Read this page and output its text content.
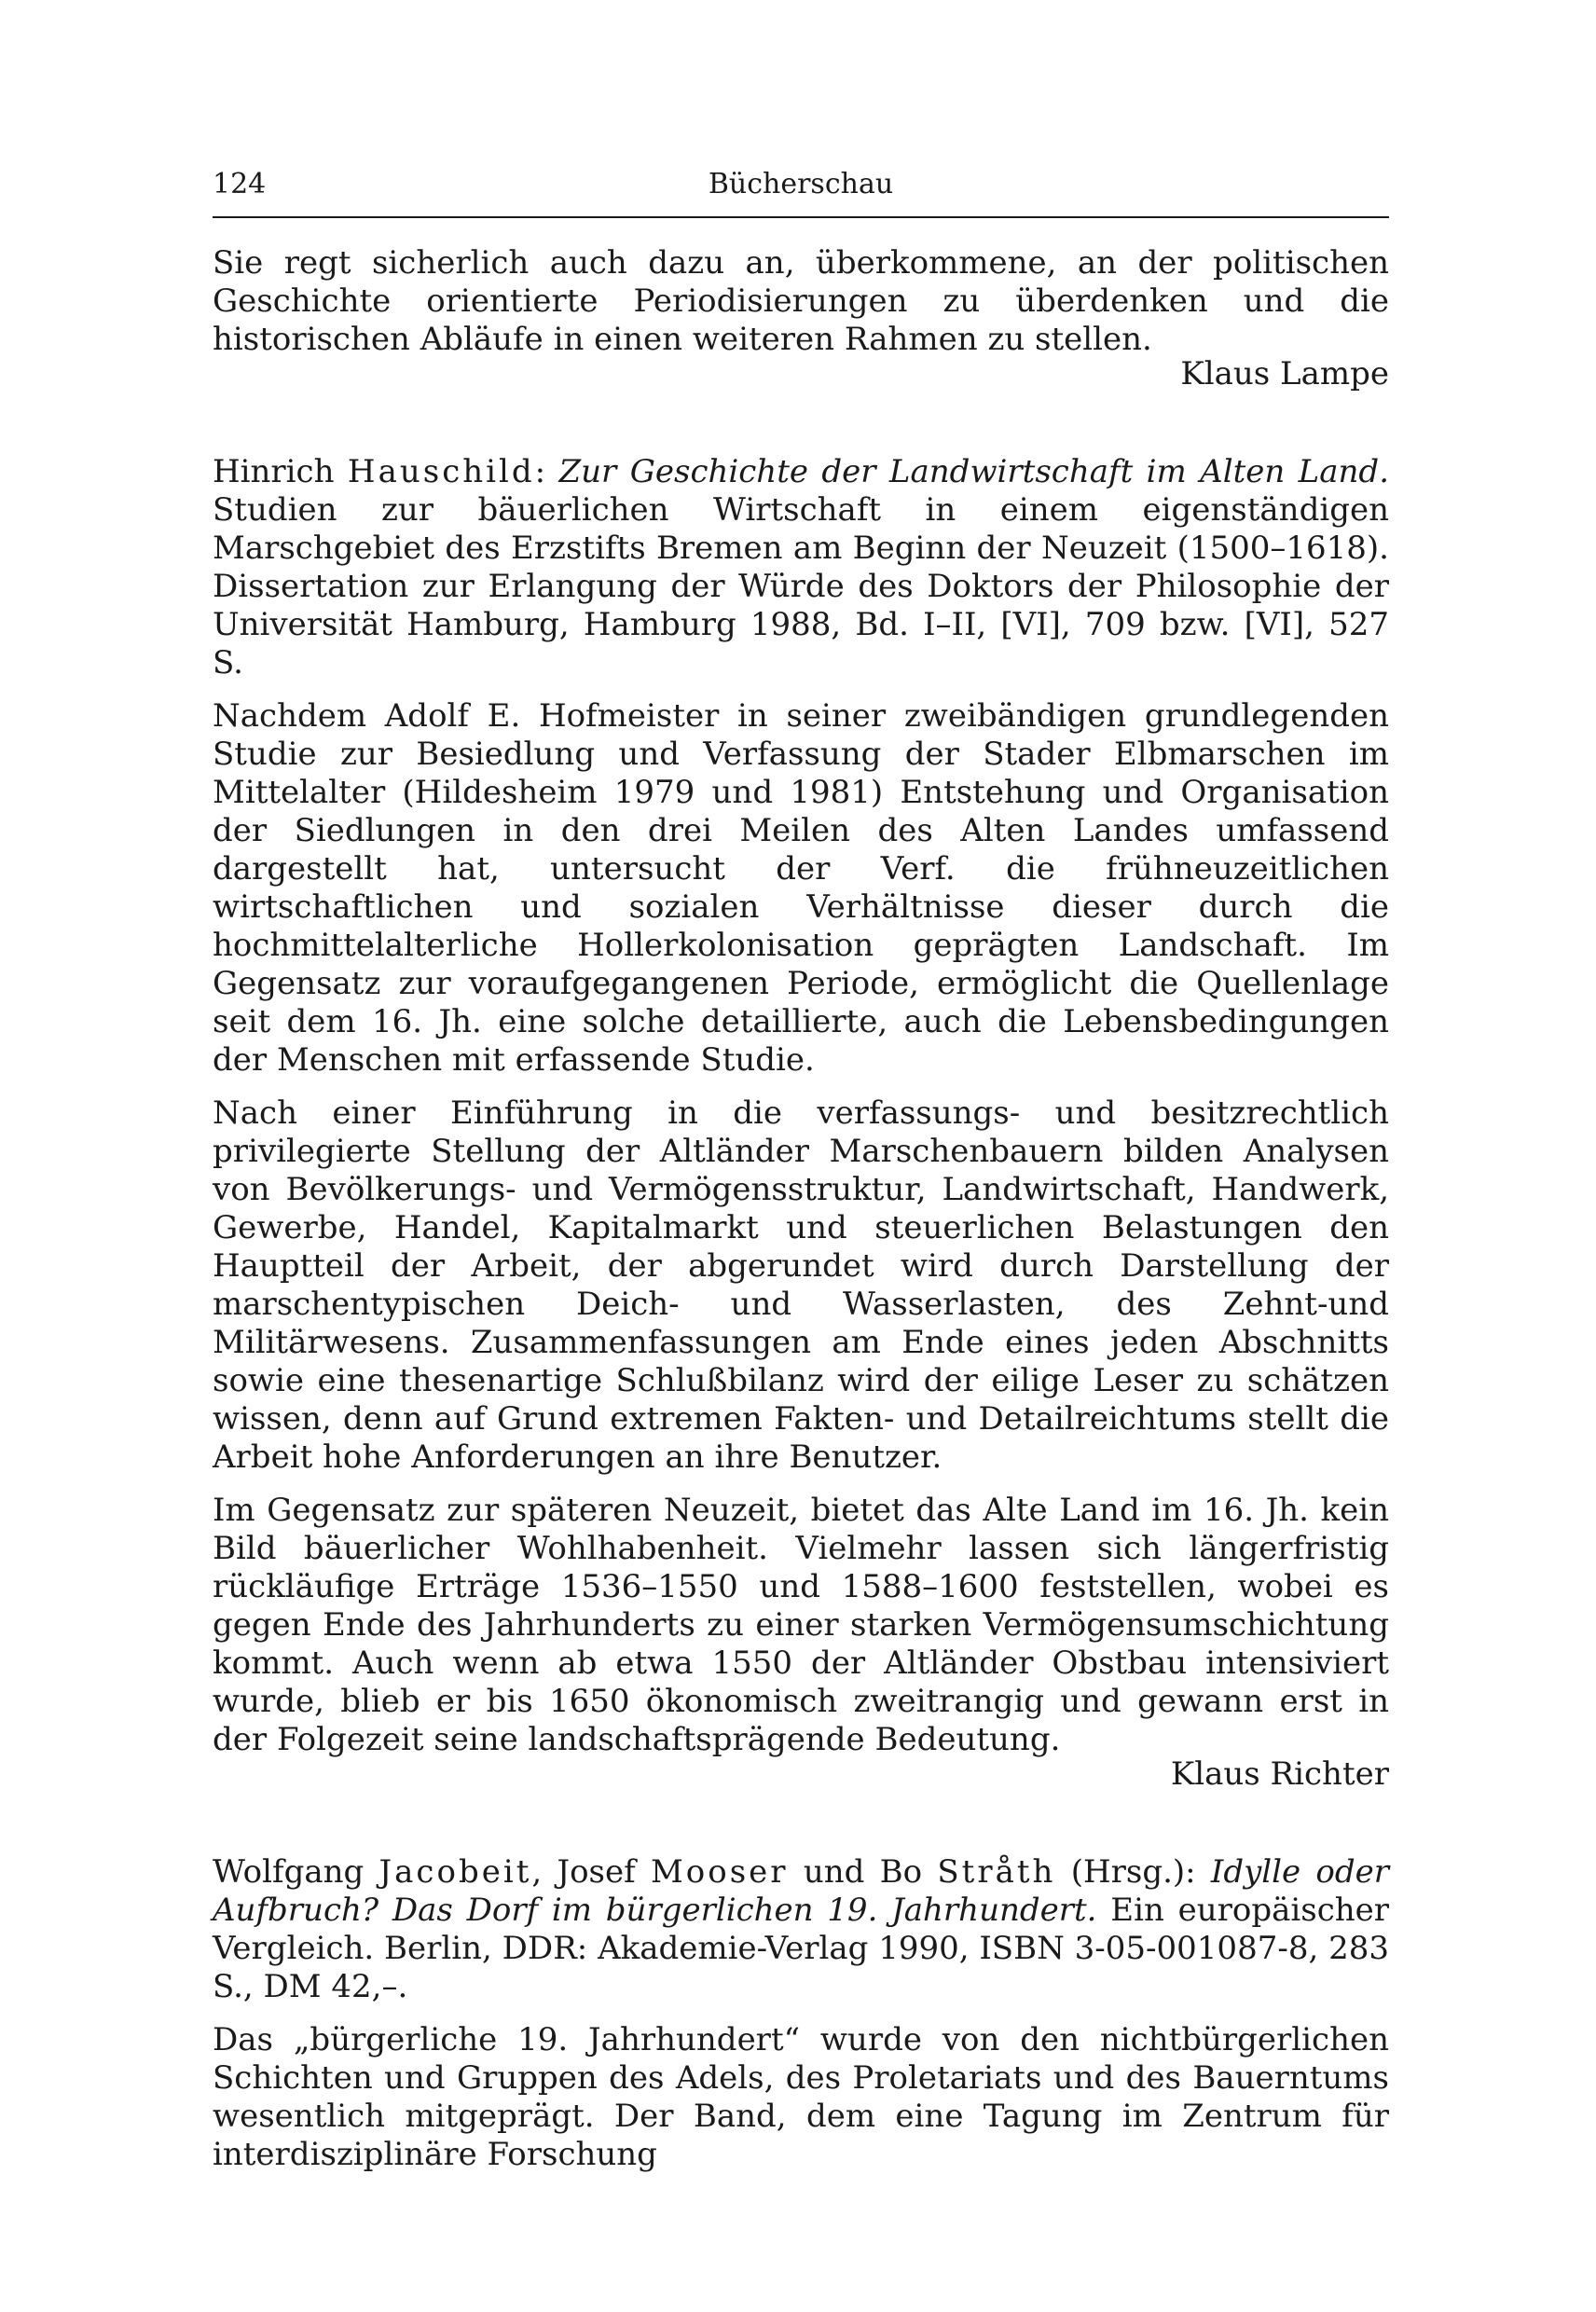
124	Bücherschau

Sie regt sicherlich auch dazu an, überkommene, an der politischen Geschichte orientierte Periodisierungen zu überdenken und die historischen Abläufe in einen weiteren Rahmen zu stellen.

Klaus Lampe

Hinrich Hauschild: Zur Geschichte der Landwirtschaft im Alten Land. Studien zur bäuerlichen Wirtschaft in einem eigenständigen Marschgebiet des Erzstifts Bremen am Beginn der Neuzeit (1500–1618). Dissertation zur Erlangung der Würde des Doktors der Philosophie der Universität Hamburg, Hamburg 1988, Bd. I–II, [VI], 709 bzw. [VI], 527 S.

Nachdem Adolf E. Hofmeister in seiner zweibändigen grundlegenden Studie zur Besiedlung und Verfassung der Stader Elbmarschen im Mittelalter (Hildesheim 1979 und 1981) Entstehung und Organisation der Siedlungen in den drei Meilen des Alten Landes umfassend dargestellt hat, untersucht der Verf. die frühneuzeitlichen wirtschaftlichen und sozialen Verhältnisse dieser durch die hochmittelalterliche Hollerkolonisation geprägten Landschaft. Im Gegensatz zur voraufgegangenen Periode, ermöglicht die Quellenlage seit dem 16. Jh. eine solche detaillierte, auch die Lebensbedingungen der Menschen mit erfassende Studie.

Nach einer Einführung in die verfassungs- und besitzrechtlich privilegierte Stellung der Altländer Marschenbauern bilden Analysen von Bevölkerungs- und Vermögensstruktur, Landwirtschaft, Handwerk, Gewerbe, Handel, Kapitalmarkt und steuerlichen Belastungen den Hauptteil der Arbeit, der abgerundet wird durch Darstellung der marschentypischen Deich- und Wasserlasten, des Zehnt-und Militärwesens. Zusammenfassungen am Ende eines jeden Abschnitts sowie eine thesenartige Schlußbilanz wird der eilige Leser zu schätzen wissen, denn auf Grund extremen Fakten- und Detailreichtums stellt die Arbeit hohe Anforderungen an ihre Benutzer.

Im Gegensatz zur späteren Neuzeit, bietet das Alte Land im 16. Jh. kein Bild bäuerlicher Wohlhabenheit. Vielmehr lassen sich längerfristig rückläufige Erträge 1536–1550 und 1588–1600 feststellen, wobei es gegen Ende des Jahrhunderts zu einer starken Vermögensumschichtung kommt. Auch wenn ab etwa 1550 der Altländer Obstbau intensiviert wurde, blieb er bis 1650 ökonomisch zweitrangig und gewann erst in der Folgezeit seine landschaftsprägende Bedeutung.

Klaus Richter

Wolfgang Jacobeit, Josef Mooser und Bo Stråth (Hrsg.): Idylle oder Aufbruch? Das Dorf im bürgerlichen 19. Jahrhundert. Ein europäischer Vergleich. Berlin, DDR: Akademie-Verlag 1990, ISBN 3-05-001087-8, 283 S., DM 42,–.

Das „bürgerliche 19. Jahrhundert“ wurde von den nichtbürgerlichen Schichten und Gruppen des Adels, des Proletariats und des Bauerntums wesentlich mitgeprägt. Der Band, dem eine Tagung im Zentrum für interdisziplinäre Forschung
